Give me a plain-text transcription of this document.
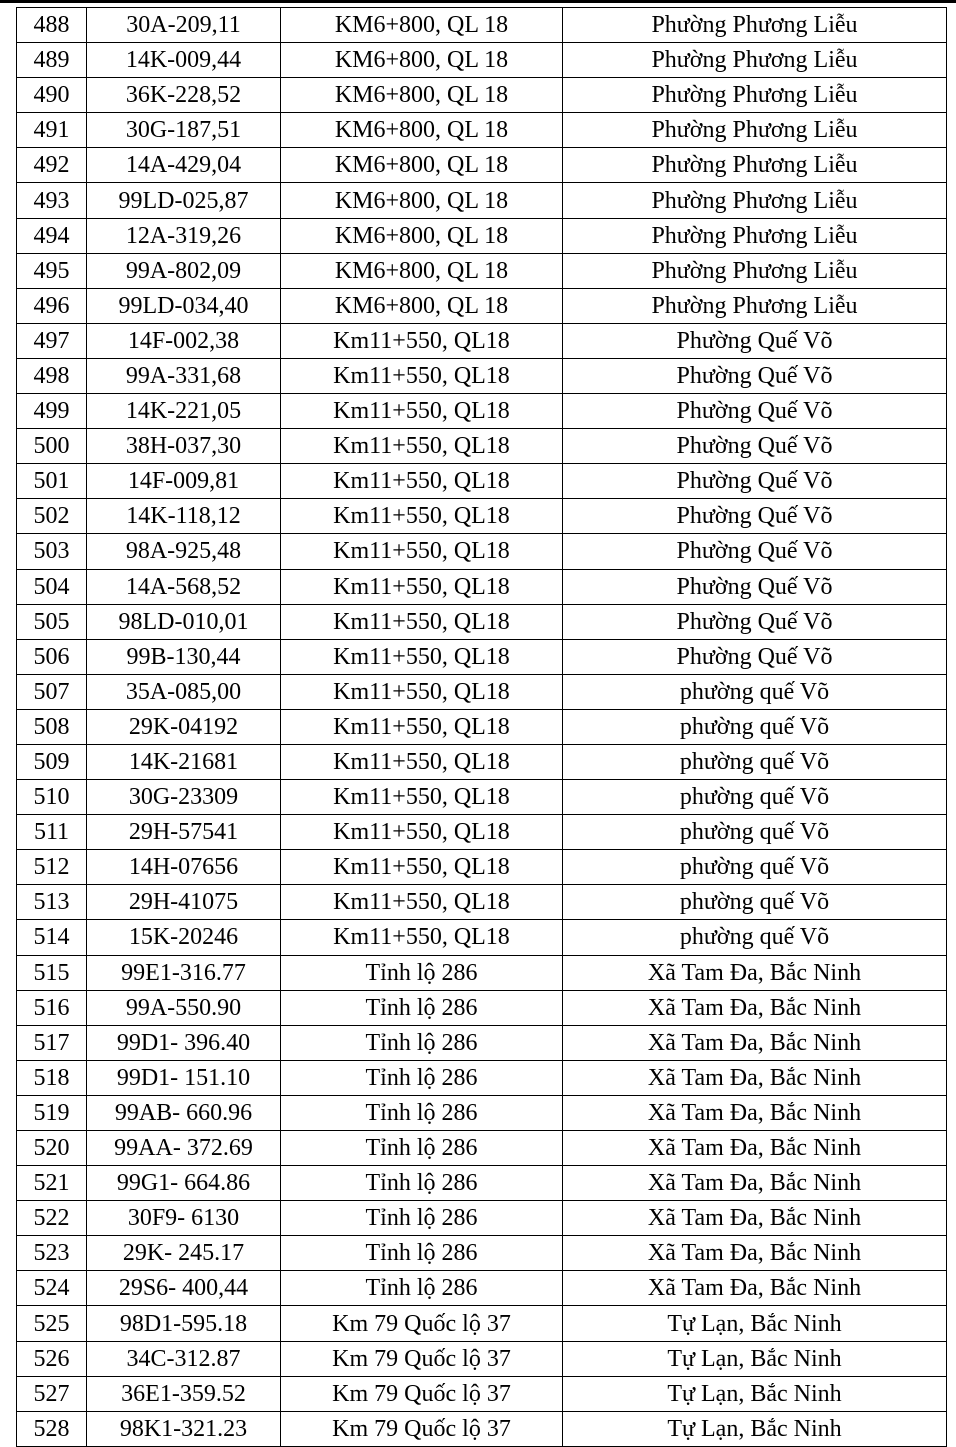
488	30A-209,11	KM6+800, QL 18	Phường Phương Liễu
489	14K-009,44	KM6+800, QL 18	Phường Phương Liễu
490	36K-228,52	KM6+800, QL 18	Phường Phương Liễu
491	30G-187,51	KM6+800, QL 18	Phường Phương Liễu
492	14A-429,04	KM6+800, QL 18	Phường Phương Liễu
493	99LD-025,87	KM6+800, QL 18	Phường Phương Liễu
494	12A-319,26	KM6+800, QL 18	Phường Phương Liễu
495	99A-802,09	KM6+800, QL 18	Phường Phương Liễu
496	99LD-034,40	KM6+800, QL 18	Phường Phương Liễu
497	14F-002,38	Km11+550, QL18	Phường Quế Võ
498	99A-331,68	Km11+550, QL18	Phường Quế Võ
499	14K-221,05	Km11+550, QL18	Phường Quế Võ
500	38H-037,30	Km11+550, QL18	Phường Quế Võ
501	14F-009,81	Km11+550, QL18	Phường Quế Võ
502	14K-118,12	Km11+550, QL18	Phường Quế Võ
503	98A-925,48	Km11+550, QL18	Phường Quế Võ
504	14A-568,52	Km11+550, QL18	Phường Quế Võ
505	98LD-010,01	Km11+550, QL18	Phường Quế Võ
506	99B-130,44	Km11+550, QL18	Phường Quế Võ
507	35A-085,00	Km11+550, QL18	phường quế Võ
508	29K-04192	Km11+550, QL18	phường quế Võ
509	14K-21681	Km11+550, QL18	phường quế Võ
510	30G-23309	Km11+550, QL18	phường quế Võ
511	29H-57541	Km11+550, QL18	phường quế Võ
512	14H-07656	Km11+550, QL18	phường quế Võ
513	29H-41075	Km11+550, QL18	phường quế Võ
514	15K-20246	Km11+550, QL18	phường quế Võ
515	99E1-316.77	Tỉnh lộ 286	Xã Tam Đa, Bắc Ninh
516	99A-550.90	Tỉnh lộ 286	Xã Tam Đa, Bắc Ninh
517	99D1- 396.40	Tỉnh lộ 286	Xã Tam Đa, Bắc Ninh
518	99D1- 151.10	Tỉnh lộ 286	Xã Tam Đa, Bắc Ninh
519	99AB- 660.96	Tỉnh lộ 286	Xã Tam Đa, Bắc Ninh
520	99AA- 372.69	Tỉnh lộ 286	Xã Tam Đa, Bắc Ninh
521	99G1- 664.86	Tỉnh lộ 286	Xã Tam Đa, Bắc Ninh
522	30F9- 6130	Tỉnh lộ 286	Xã Tam Đa, Bắc Ninh
523	29K- 245.17	Tỉnh lộ 286	Xã Tam Đa, Bắc Ninh
524	29S6- 400,44	Tỉnh lộ 286	Xã Tam Đa, Bắc Ninh
525	98D1-595.18	Km 79 Quốc lộ 37	Tự Lạn, Bắc Ninh
526	34C-312.87	Km 79 Quốc lộ 37	Tự Lạn, Bắc Ninh
527	36E1-359.52	Km 79 Quốc lộ 37	Tự Lạn, Bắc Ninh
528	98K1-321.23	Km 79 Quốc lộ 37	Tự Lạn, Bắc Ninh
